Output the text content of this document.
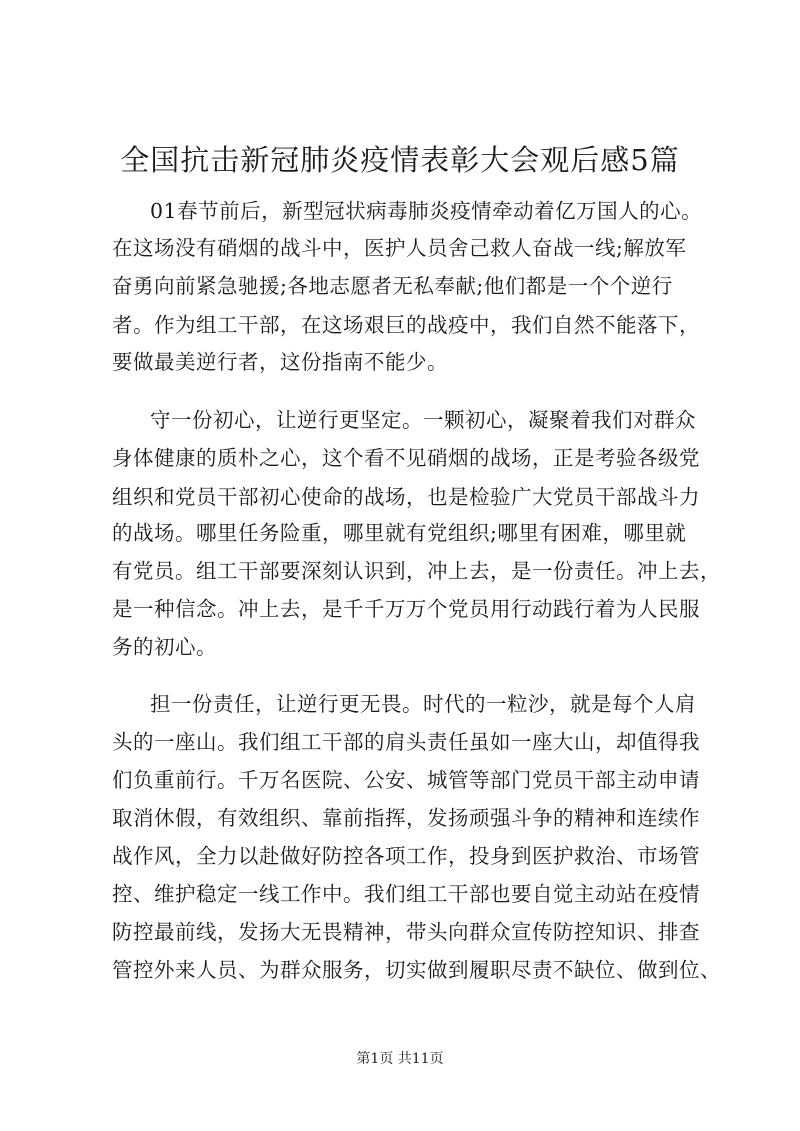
全国抗击新冠肺炎疫情表彰大会观后感5篇

01春节前后，新型冠状病毒肺炎疫情牵动着亿万国人的心。

在这场没有硝烟的战斗中，医护人员舍己救人奋战一线;解放军

奋勇向前紧急驰援;各地志愿者无私奉献;他们都是一个个逆行

者。作为组工干部，在这场艰巨的战疫中，我们自然不能落下，

要做最美逆行者，这份指南不能少。

守一份初心，让逆行更坚定。一颗初心，凝聚着我们对群众

身体健康的质朴之心，这个看不见硝烟的战场，正是考验各级党

组织和党员干部初心使命的战场，也是检验广大党员干部战斗力

的战场。哪里任务险重，哪里就有党组织;哪里有困难，哪里就

有党员。组工干部要深刻认识到，冲上去，是一份责任。冲上去，

是一种信念。冲上去，是千千万万个党员用行动践行着为人民服

务的初心。

担一份责任，让逆行更无畏。时代的一粒沙，就是每个人肩

头的一座山。我们组工干部的肩头责任虽如一座大山，却值得我

们负重前行。千万名医院、公安、城管等部门党员干部主动申请

取消休假，有效组织、靠前指挥，发扬顽强斗争的精神和连续作

战作风，全力以赴做好防控各项工作，投身到医护救治、市场管

控、维护稳定一线工作中。我们组工干部也要自觉主动站在疫情

防控最前线，发扬大无畏精神，带头向群众宣传防控知识、排查

管控外来人员、为群众服务，切实做到履职尽责不缺位、做到位、

第1页 共11页
